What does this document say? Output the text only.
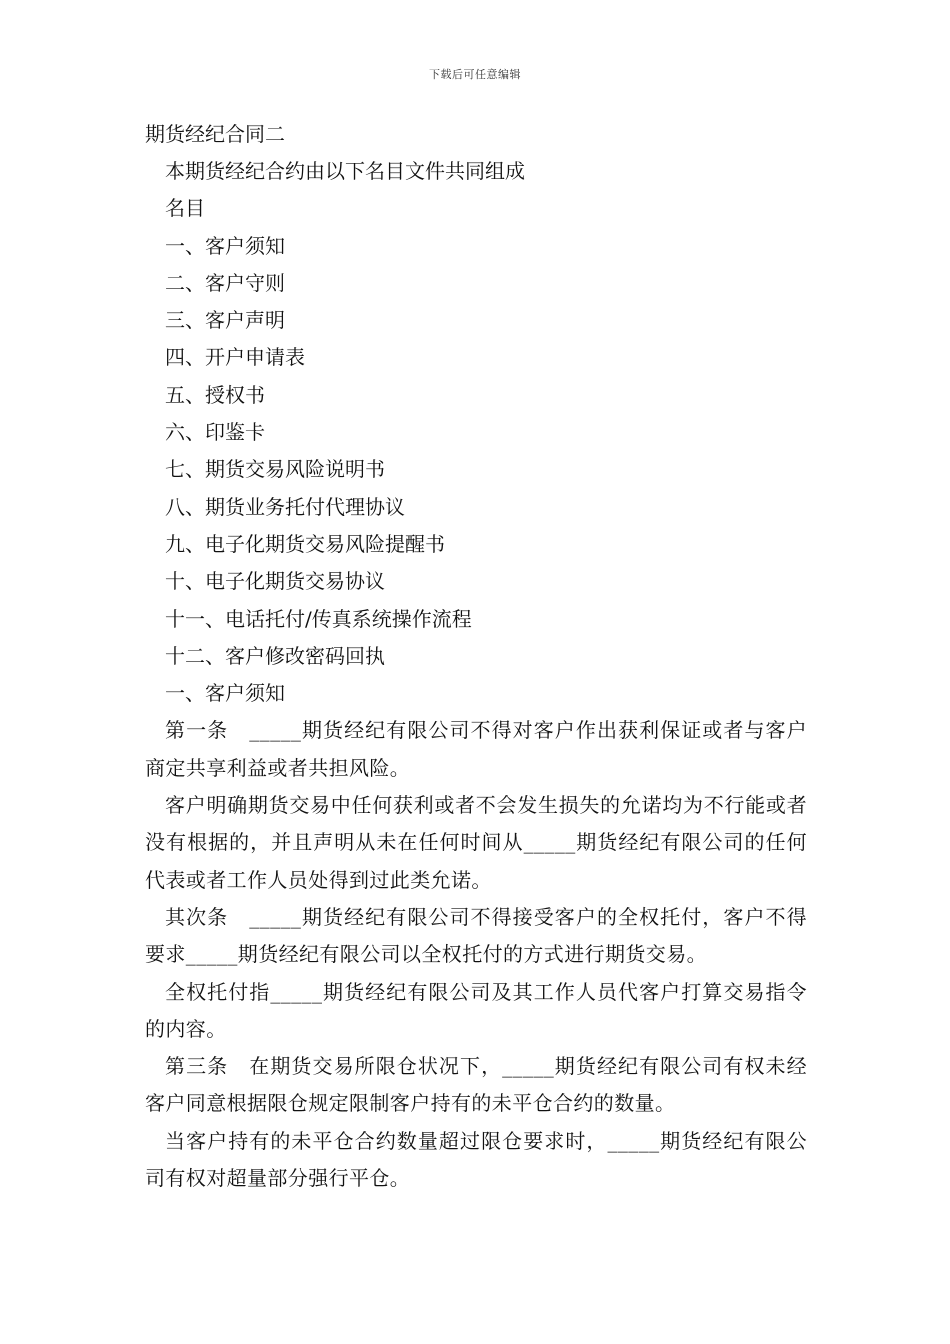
下载后可任意编辑
期货经纪合同二
本期货经纪合约由以下名目文件共同组成
名目
一、客户须知
二、客户守则
三、客户声明
四、开户申请表
五、授权书
六、印鉴卡
七、期货交易风险说明书
八、期货业务托付代理协议
九、电子化期货交易风险提醒书
十、电子化期货交易协议
十一、电话托付/传真系统操作流程
十二、客户修改密码回执
一、客户须知

第一条　_____期货经纪有限公司不得对客户作出获利保证或者与客户商定共享利益或者共担风险。

客户明确期货交易中任何获利或者不会发生损失的允诺均为不行能或者没有根据的，并且声明从未在任何时间从_____期货经纪有限公司的任何代表或者工作人员处得到过此类允诺。

其次条　_____期货经纪有限公司不得接受客户的全权托付，客户不得要求_____期货经纪有限公司以全权托付的方式进行期货交易。

全权托付指_____期货经纪有限公司及其工作人员代客户打算交易指令的内容。

第三条　在期货交易所限仓状况下，_____期货经纪有限公司有权未经客户同意根据限仓规定限制客户持有的未平仓合约的数量。

当客户持有的未平仓合约数量超过限仓要求时，_____期货经纪有限公司有权对超量部分强行平仓。
